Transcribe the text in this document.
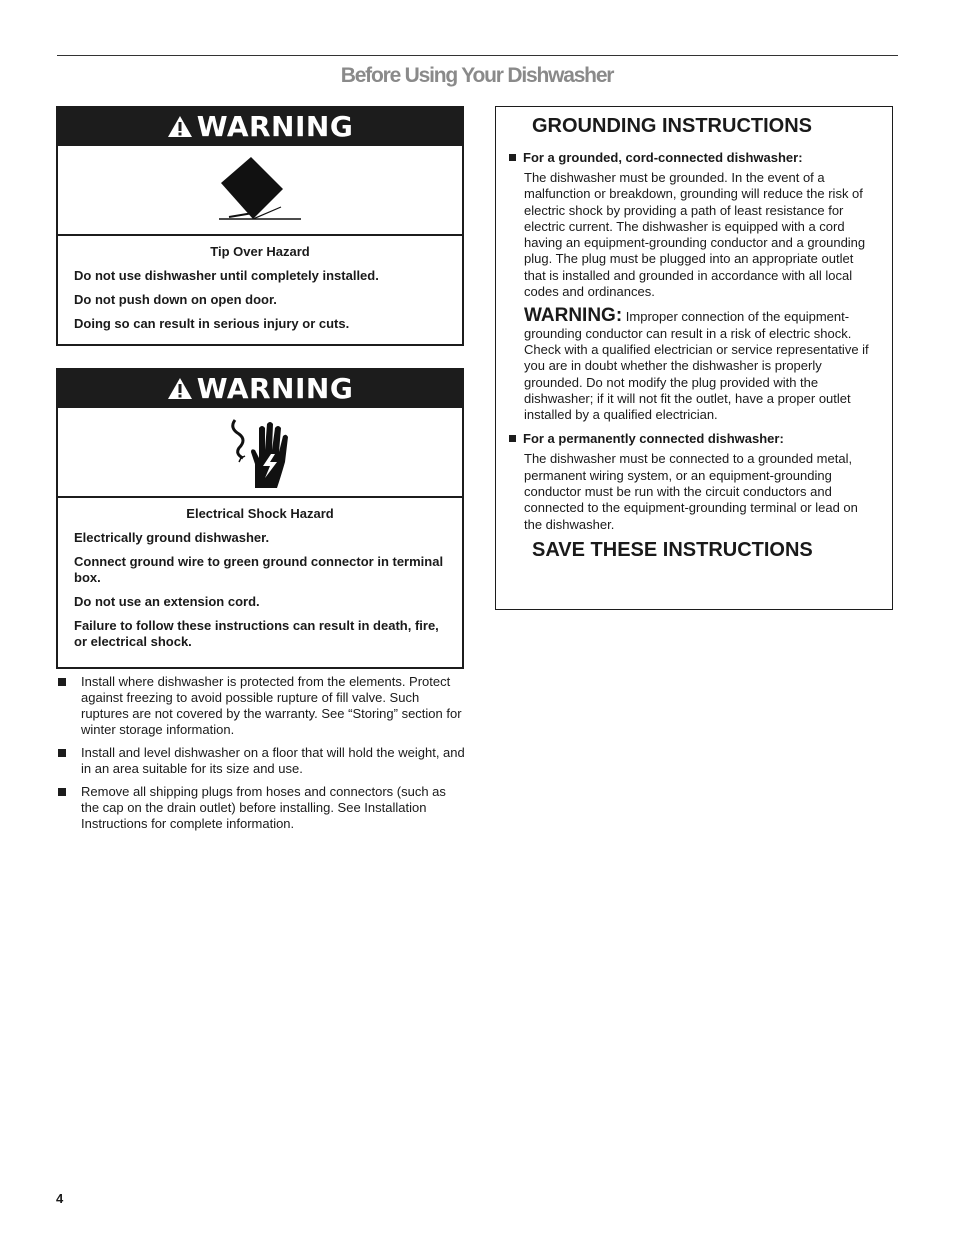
Before Using Your Dishwasher
WARNING
Tip Over Hazard

Do not use dishwasher until completely installed.

Do not push down on open door.

Doing so can result in serious injury or cuts.

WARNING
Electrical Shock Hazard

Electrically ground dishwasher.

Connect ground wire to green ground connector in terminal box.

Do not use an extension cord.

Failure to follow these instructions can result in death, fire, or electrical shock.

Install where dishwasher is protected from the elements. Protect against freezing to avoid possible rupture of fill valve. Such ruptures are not covered by the warranty. See “Storing” section for winter storage information.
Install and level dishwasher on a floor that will hold the weight, and in an area suitable for its size and use.
Remove all shipping plugs from hoses and connectors (such as the cap on the drain outlet) before installing. See Installation Instructions for complete information.
GROUNDING INSTRUCTIONS
For a grounded, cord-connected dishwasher:
The dishwasher must be grounded. In the event of a malfunction or breakdown, grounding will reduce the risk of electric shock by providing a path of least resistance for electric current. The dishwasher is equipped with a cord having an equipment-grounding conductor and a grounding plug. The plug must be plugged into an appropriate outlet that is installed and grounded in accordance with all local codes and ordinances.
WARNING: Improper connection of the equipment-grounding conductor can result in a risk of electric shock. Check with a qualified electrician or service representative if you are in doubt whether the dishwasher is properly grounded. Do not modify the plug provided with the dishwasher; if it will not fit the outlet, have a proper outlet installed by a qualified electrician.
For a permanently connected dishwasher:
The dishwasher must be connected to a grounded metal, permanent wiring system, or an equipment-grounding conductor must be run with the circuit conductors and connected to the equipment-grounding terminal or lead on the dishwasher.
SAVE THESE INSTRUCTIONS
4
